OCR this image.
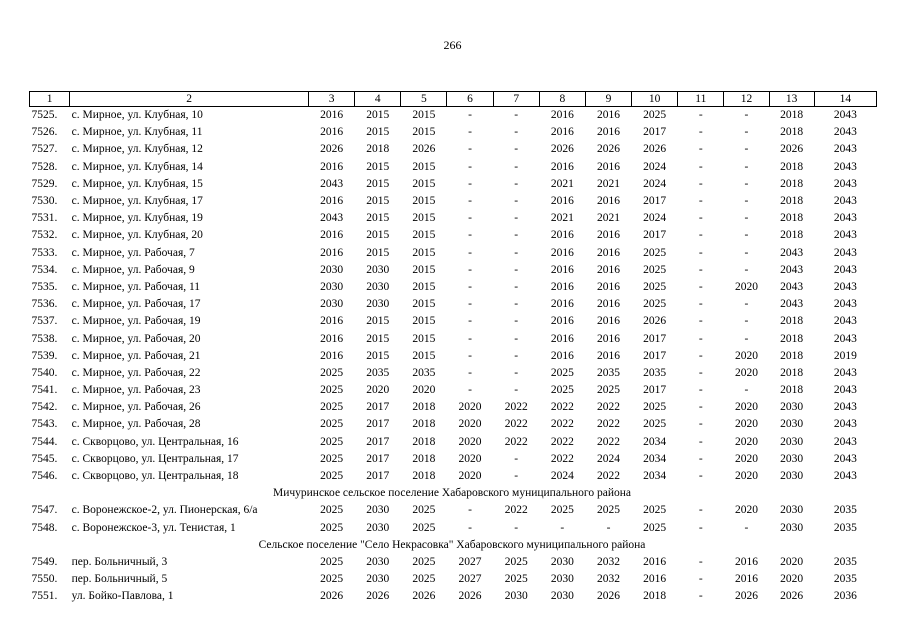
266
1	2	3	4	5	6	7	8	9	10	11	12	13	14
7525.	с. Мирное, ул. Клубная, 10	2016	2015	2015	-	-	2016	2016	2025	-	-	2018	2043
7526.	с. Мирное, ул. Клубная, 11	2016	2015	2015	-	-	2016	2016	2017	-	-	2018	2043
7527.	с. Мирное, ул. Клубная, 12	2026	2018	2026	-	-	2026	2026	2026	-	-	2026	2043
7528.	с. Мирное, ул. Клубная, 14	2016	2015	2015	-	-	2016	2016	2024	-	-	2018	2043
7529.	с. Мирное, ул. Клубная, 15	2043	2015	2015	-	-	2021	2021	2024	-	-	2018	2043
7530.	с. Мирное, ул. Клубная, 17	2016	2015	2015	-	-	2016	2016	2017	-	-	2018	2043
7531.	с. Мирное, ул. Клубная, 19	2043	2015	2015	-	-	2021	2021	2024	-	-	2018	2043
7532.	с. Мирное, ул. Клубная, 20	2016	2015	2015	-	-	2016	2016	2017	-	-	2018	2043
7533.	с. Мирное, ул. Рабочая, 7	2016	2015	2015	-	-	2016	2016	2025	-	-	2043	2043
7534.	с. Мирное, ул. Рабочая, 9	2030	2030	2015	-	-	2016	2016	2025	-	-	2043	2043
7535.	с. Мирное, ул. Рабочая, 11	2030	2030	2015	-	-	2016	2016	2025	-	2020	2043	2043
7536.	с. Мирное, ул. Рабочая, 17	2030	2030	2015	-	-	2016	2016	2025	-	-	2043	2043
7537.	с. Мирное, ул. Рабочая, 19	2016	2015	2015	-	-	2016	2016	2026	-	-	2018	2043
7538.	с. Мирное, ул. Рабочая, 20	2016	2015	2015	-	-	2016	2016	2017	-	-	2018	2043
7539.	с. Мирное, ул. Рабочая, 21	2016	2015	2015	-	-	2016	2016	2017	-	2020	2018	2019
7540.	с. Мирное, ул. Рабочая, 22	2025	2035	2035	-	-	2025	2035	2035	-	2020	2018	2043
7541.	с. Мирное, ул. Рабочая, 23	2025	2020	2020	-	-	2025	2025	2017	-	-	2018	2043
7542.	с. Мирное, ул. Рабочая, 26	2025	2017	2018	2020	2022	2022	2022	2025	-	2020	2030	2043
7543.	с. Мирное, ул. Рабочая, 28	2025	2017	2018	2020	2022	2022	2022	2025	-	2020	2030	2043
7544.	с. Скворцово, ул. Центральная, 16	2025	2017	2018	2020	2022	2022	2022	2034	-	2020	2030	2043
7545.	с. Скворцово, ул. Центральная, 17	2025	2017	2018	2020	-	2022	2024	2034	-	2020	2030	2043
7546.	с. Скворцово, ул. Центральная, 18	2025	2017	2018	2020	-	2024	2022	2034	-	2020	2030	2043
Мичуринское сельское поселение Хабаровского муниципального района													
7547.	с. Воронежское-2, ул. Пионерская, 6/а	2025	2030	2025	-	2022	2025	2025	2025	-	2020	2030	2035
7548.	с. Воронежское-3, ул. Тенистая, 1	2025	2030	2025	-	-	-	-	2025	-	-	2030	2035
Сельское поселение "Село Некрасовка" Хабаровского муниципального района													
7549.	пер. Больничный, 3	2025	2030	2025	2027	2025	2030	2032	2016	-	2016	2020	2035
7550.	пер. Больничный, 5	2025	2030	2025	2027	2025	2030	2032	2016	-	2016	2020	2035
7551.	ул. Бойко-Павлова, 1	2026	2026	2026	2026	2030	2030	2026	2018	-	2026	2026	2036
